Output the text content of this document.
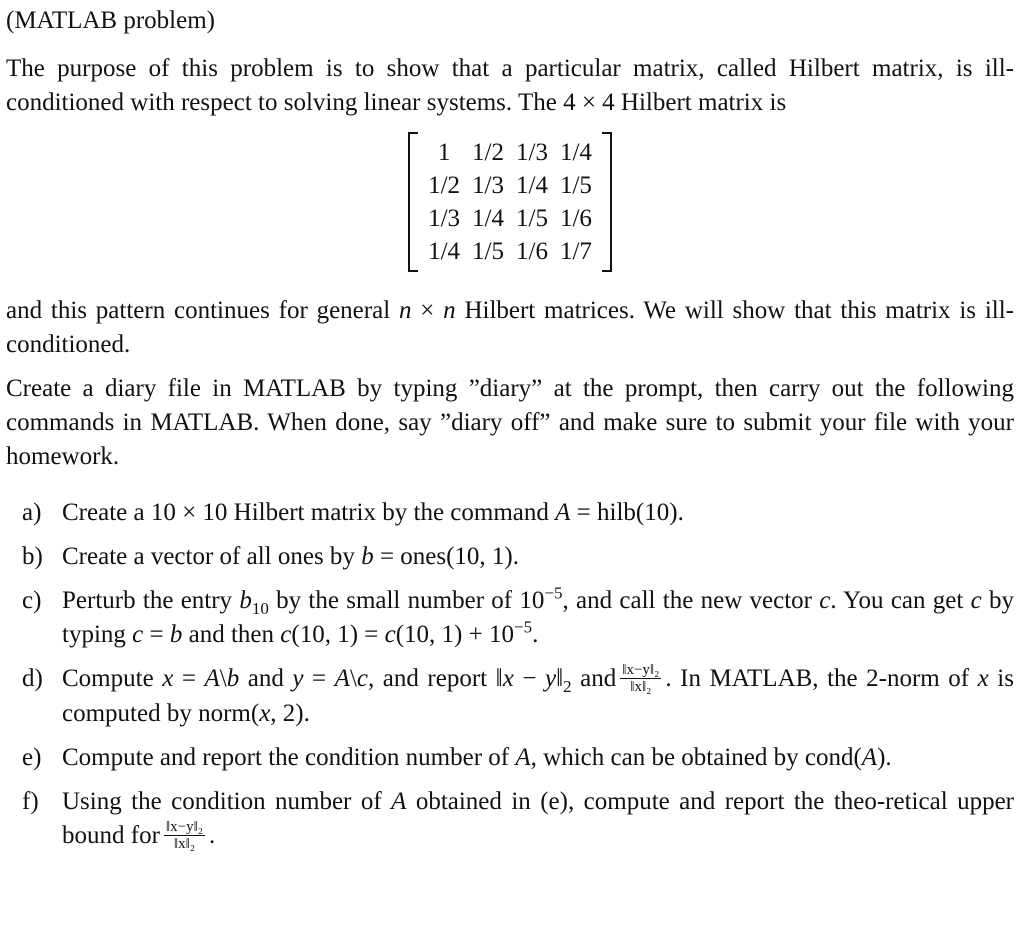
(MATLAB problem)

The purpose of this problem is to show that a particular matrix, called Hilbert matrix, is ill-conditioned with respect to solving linear systems. The 4 × 4 Hilbert matrix is

1	1/2	1/3	1/4
1/2	1/3	1/4	1/5
1/3	1/4	1/5	1/6
1/4	1/5	1/6	1/7

and this pattern continues for general n × n Hilbert matrices. We will show that this matrix is ill-conditioned.

Create a diary file in MATLAB by typing ”diary” at the prompt, then carry out the following commands in MATLAB. When done, say ”diary off” and make sure to submit your file with your homework.

a) Create a 10 × 10 Hilbert matrix by the command A = hilb(10).
b) Create a vector of all ones by b = ones(10, 1).
c) Perturb the entry $b_{10}$ by the small number of $10^{-5}$, and call the new vector c. You can get c by typing c = b and then c(10, 1) = c(10, $1) + 10^{-5}$.
d) Compute x = A\b and y = A\c, and report ‖x − $y‖_2$ and $\frac{\text{‖x−y‖₂}}{\text{‖x‖₂}}$ . In MATLAB, the 2-norm of x is computed by norm(x, 2).
e) Compute and report the condition number of A, which can be obtained by cond(A).
f) Using the condition number of A obtained in (e), compute and report the theo-retical upper bound for $\frac{\text{‖x−y‖₂}}{\text{‖x‖₂}}$ .
